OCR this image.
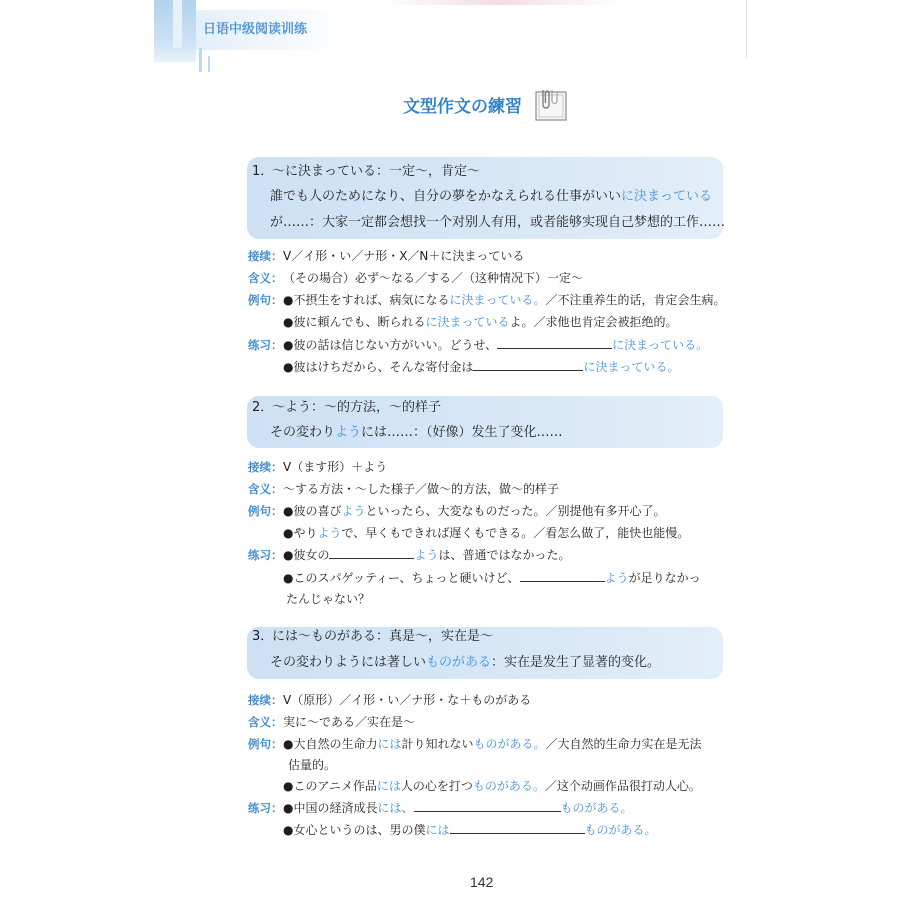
日语中级阅读训练
文型作文の練習
1．～に決まっている：一定～，肯定～
誰でも人のためになり、自分の夢をかなえられる仕事がいいに決まっている
が……：大家一定都会想找一个对别人有用，或者能够实现自己梦想的工作……
接续：V／イ形・い／ナ形・X／N＋に決まっている
含义：（その場合）必ず～なる／する／（这种情况下）一定～
例句：●不摂生をすれば、病気になるに決まっている。／不注重养生的话，肯定会生病。
●彼に頼んでも、断られるに決まっているよ。／求他也肯定会被拒绝的。
练习：●彼の話は信じない方がいい。どうせ、	に決まっている。
●彼はけちだから、そんな寄付金は	に決まっている。
2．～よう：～的方法，～的样子
その変わりようには……：（好像）发生了变化……
接续：V（ます形）＋よう
含义：～する方法・～した様子／做～的方法，做～的样子
例句：●彼の喜びようといったら、大変なものだった。／别提他有多开心了。
●やりようで、早くもできれば遅くもできる。／看怎么做了，能快也能慢。
练习：●彼女の	ようは、普通ではなかった。
●このスパゲッティー、ちょっと硬いけど、	ようが足りなかっ
たんじゃない？
3．には～ものがある：真是～，实在是～
その変わりようには著しいものがある：实在是发生了显著的变化。
接续：V（原形）／イ形・い／ナ形・な＋ものがある
含义：実に～である／实在是～
例句：●大自然の生命力には計り知れないものがある。／大自然的生命力实在是无法
估量的。
●このアニメ作品には人の心を打つものがある。／这个动画作品很打动人心。
练习：●中国の経済成長には、	ものがある。
●女心というのは、男の僕には	ものがある。
142
